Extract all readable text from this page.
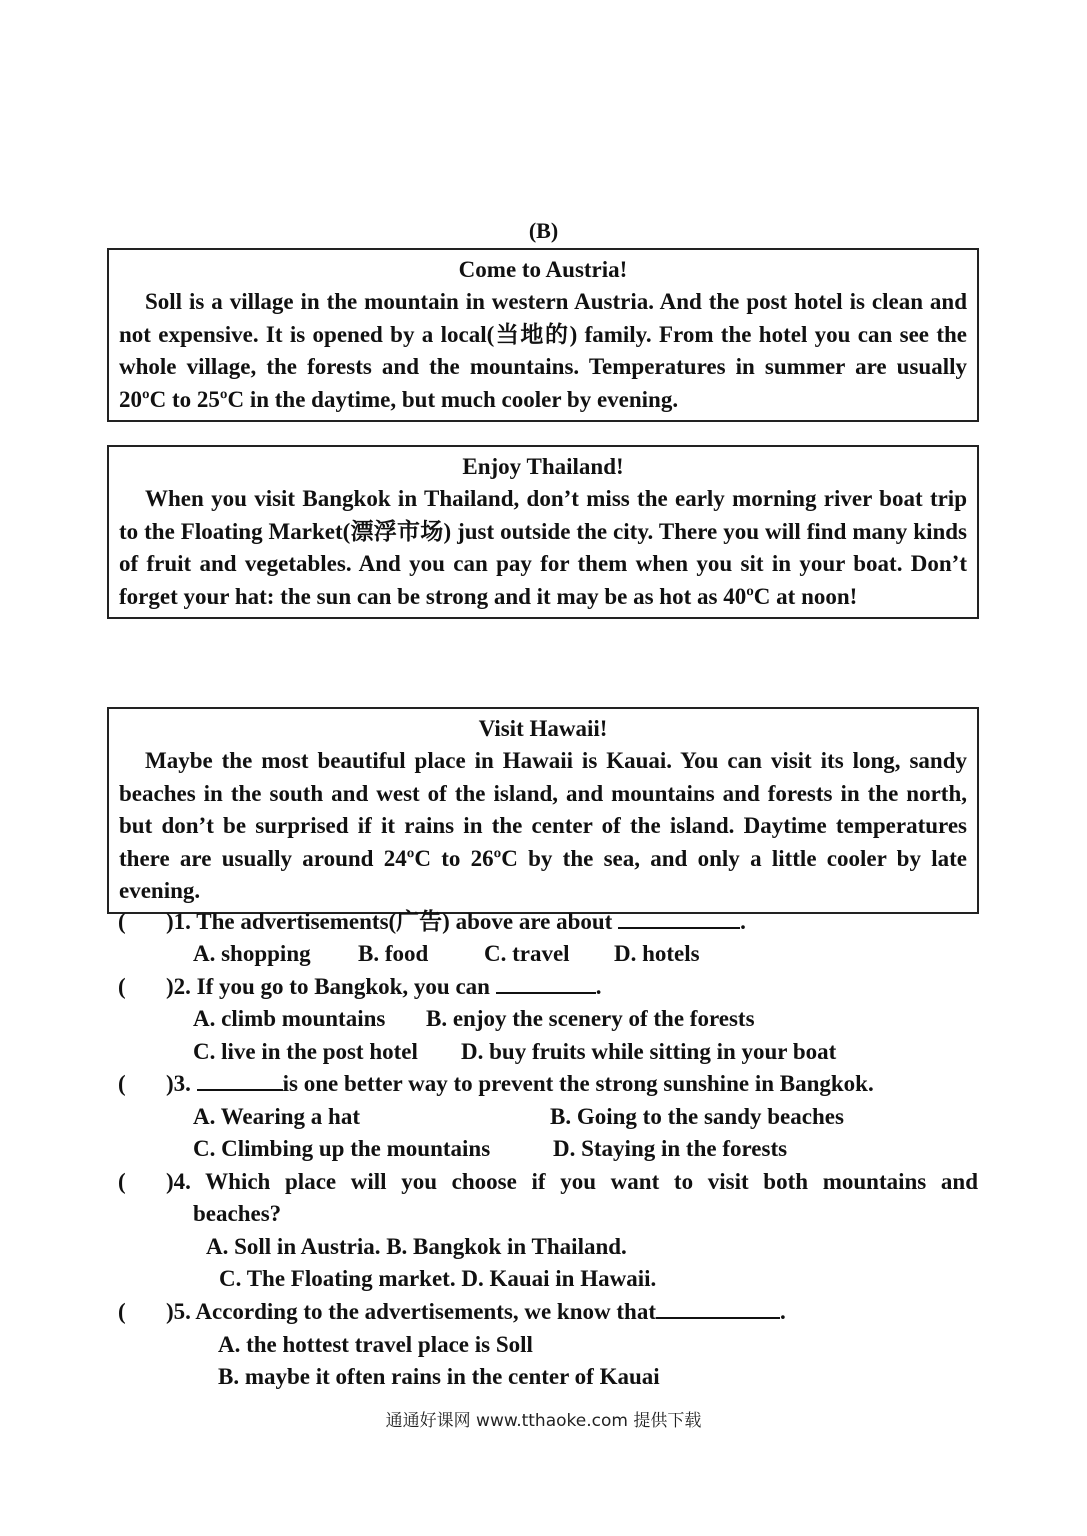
(B)
Come to Austria!
Soll is a village in the mountain in western Austria. And the post hotel is clean and not expensive. It is opened by a local(当地的) family. From the hotel you can see the whole village, the forests and the mountains. Temperatures in summer are usually 20ºC to 25ºC in the daytime, but much cooler by evening.
Enjoy Thailand!
When you visit Bangkok in Thailand, don’t miss the early morning river boat trip to the Floating Market(漂浮市场) just outside the city. There you will find many kinds of fruit and vegetables. And you can pay for them when you sit in your boat. Don’t forget your hat: the sun can be strong and it may be as hot as 40ºC at noon!
Visit Hawaii!
Maybe the most beautiful place in Hawaii is Kauai. You can visit its long, sandy beaches in the south and west of the island, and mountains and forests in the north, but don’t be surprised if it rains in the center of the island. Daytime temperatures there are usually around 24ºC to 26ºC by the sea, and only a little cooler by late evening.
( )1. The advertisements(广告) above are about	.
A. shopping B. food C. travel D. hotels
( )2. If you go to Bangkok, you can	.
A. climb mountains B. enjoy the scenery of the forests
C. live in the post hotel D. buy fruits while sitting in your boat
( )3.	is one better way to prevent the strong sunshine in Bangkok.
A. Wearing a hat	B. Going to the sandy beaches
C. Climbing up the mountains	D. Staying in the forests
( )4. Which place will you choose if you want to visit both mountains and
beaches?
A. Soll in Austria. B. Bangkok in Thailand.
C. The Floating market. D. Kauai in Hawaii.
( )5. According to the advertisements, we know that	.
A. the hottest travel place is Soll
B. maybe it often rains in the center of Kauai
通通好课网 www.tthaoke.com 提供下载
